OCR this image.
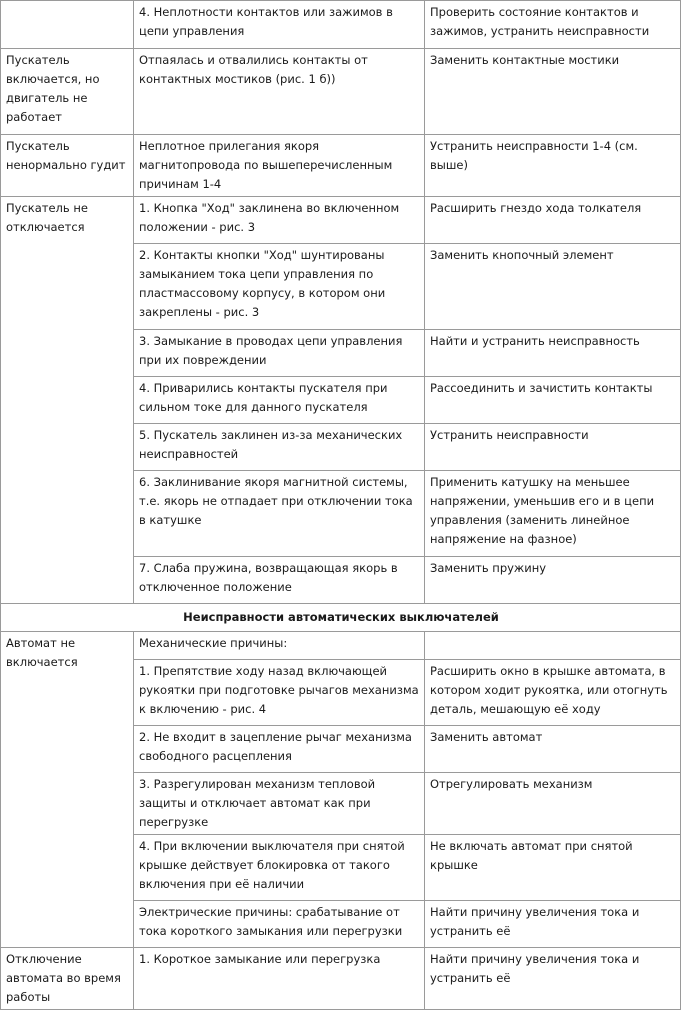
	4. Неплотности контактов или зажимов в цепи управления	Проверить состояние контактов и зажимов, устранить неисправности
Пускатель включается, но двигатель не работает	Отпаялась и отвалились контакты от контактных мостиков (рис. 1 б))	Заменить контактные мостики
Пускатель ненормально гудит	Неплотное прилегания якоря магнитопровода по вышеперечисленным причинам 1-4	Устранить неисправности 1-4 (см. выше)
Пускатель не отключается	1. Кнопка "Ход" заклинена во включенном положении - рис. 3	Расширить гнездо хода толкателя
	2. Контакты кнопки "Ход" шунтированы замыканием тока цепи управления по пластмассовому корпусу, в котором они закреплены - рис. 3	Заменить кнопочный элемент
	3. Замыкание в проводах цепи управления при их повреждении	Найти и устранить неисправность
	4. Приварились контакты пускателя при сильном токе для данного пускателя	Рассоединить и зачистить контакты
	5. Пускатель заклинен из-за механических неисправностей	Устранить неисправности
	6. Заклинивание якоря магнитной системы, т.е. якорь не отпадает при отключении тока в катушке	Применить катушку на меньшее напряжении, уменьшив его и в цепи управления (заменить линейное напряжение на фазное)
	7. Слаба пружина, возвращающая якорь в отключенное положение	Заменить пружину
Неисправности автоматических выключателей		
Автомат не включается	Механические причины:	
	1. Препятствие ходу назад включающей рукоятки при подготовке рычагов механизма к включению - рис. 4	Расширить окно в крышке автомата, в котором ходит рукоятка, или отогнуть деталь, мешающую её ходу
	2. Не входит в зацепление рычаг механизма свободного расцепления	Заменить автомат
	3. Разрегулирован механизм тепловой защиты и отключает автомат как при перегрузке	Отрегулировать механизм
	4. При включении выключателя при снятой крышке действует блокировка от такого включения при её наличии	Не включать автомат при снятой крышке
	Электрические причины: срабатывание от тока короткого замыкания или перегрузки	Найти причину увеличения тока и устранить её
Отключение автомата во время работы	1. Короткое замыкание или перегрузка	Найти причину увеличения тока и устранить её
